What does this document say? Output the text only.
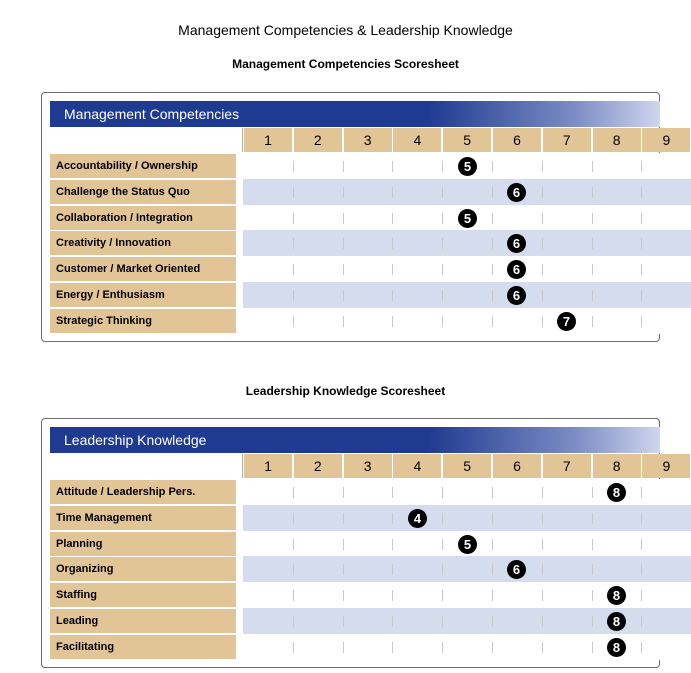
Management Competencies & Leadership Knowledge
Management Competencies Scoresheet
Management Competencies
1	2	3	4	5	6	7	8	9
Accountability / Ownership	5
Challenge the Status Quo	6
Collaboration / Integration	5
Creativity / Innovation	6
Customer / Market Oriented	6
Energy / Enthusiasm	6
Strategic Thinking	7
Leadership Knowledge Scoresheet
Leadership Knowledge
1	2	3	4	5	6	7	8	9
Attitude / Leadership Pers.	8
Time Management	4
Planning	5
Organizing	6
Staffing	8
Leading	8
Facilitating	8
